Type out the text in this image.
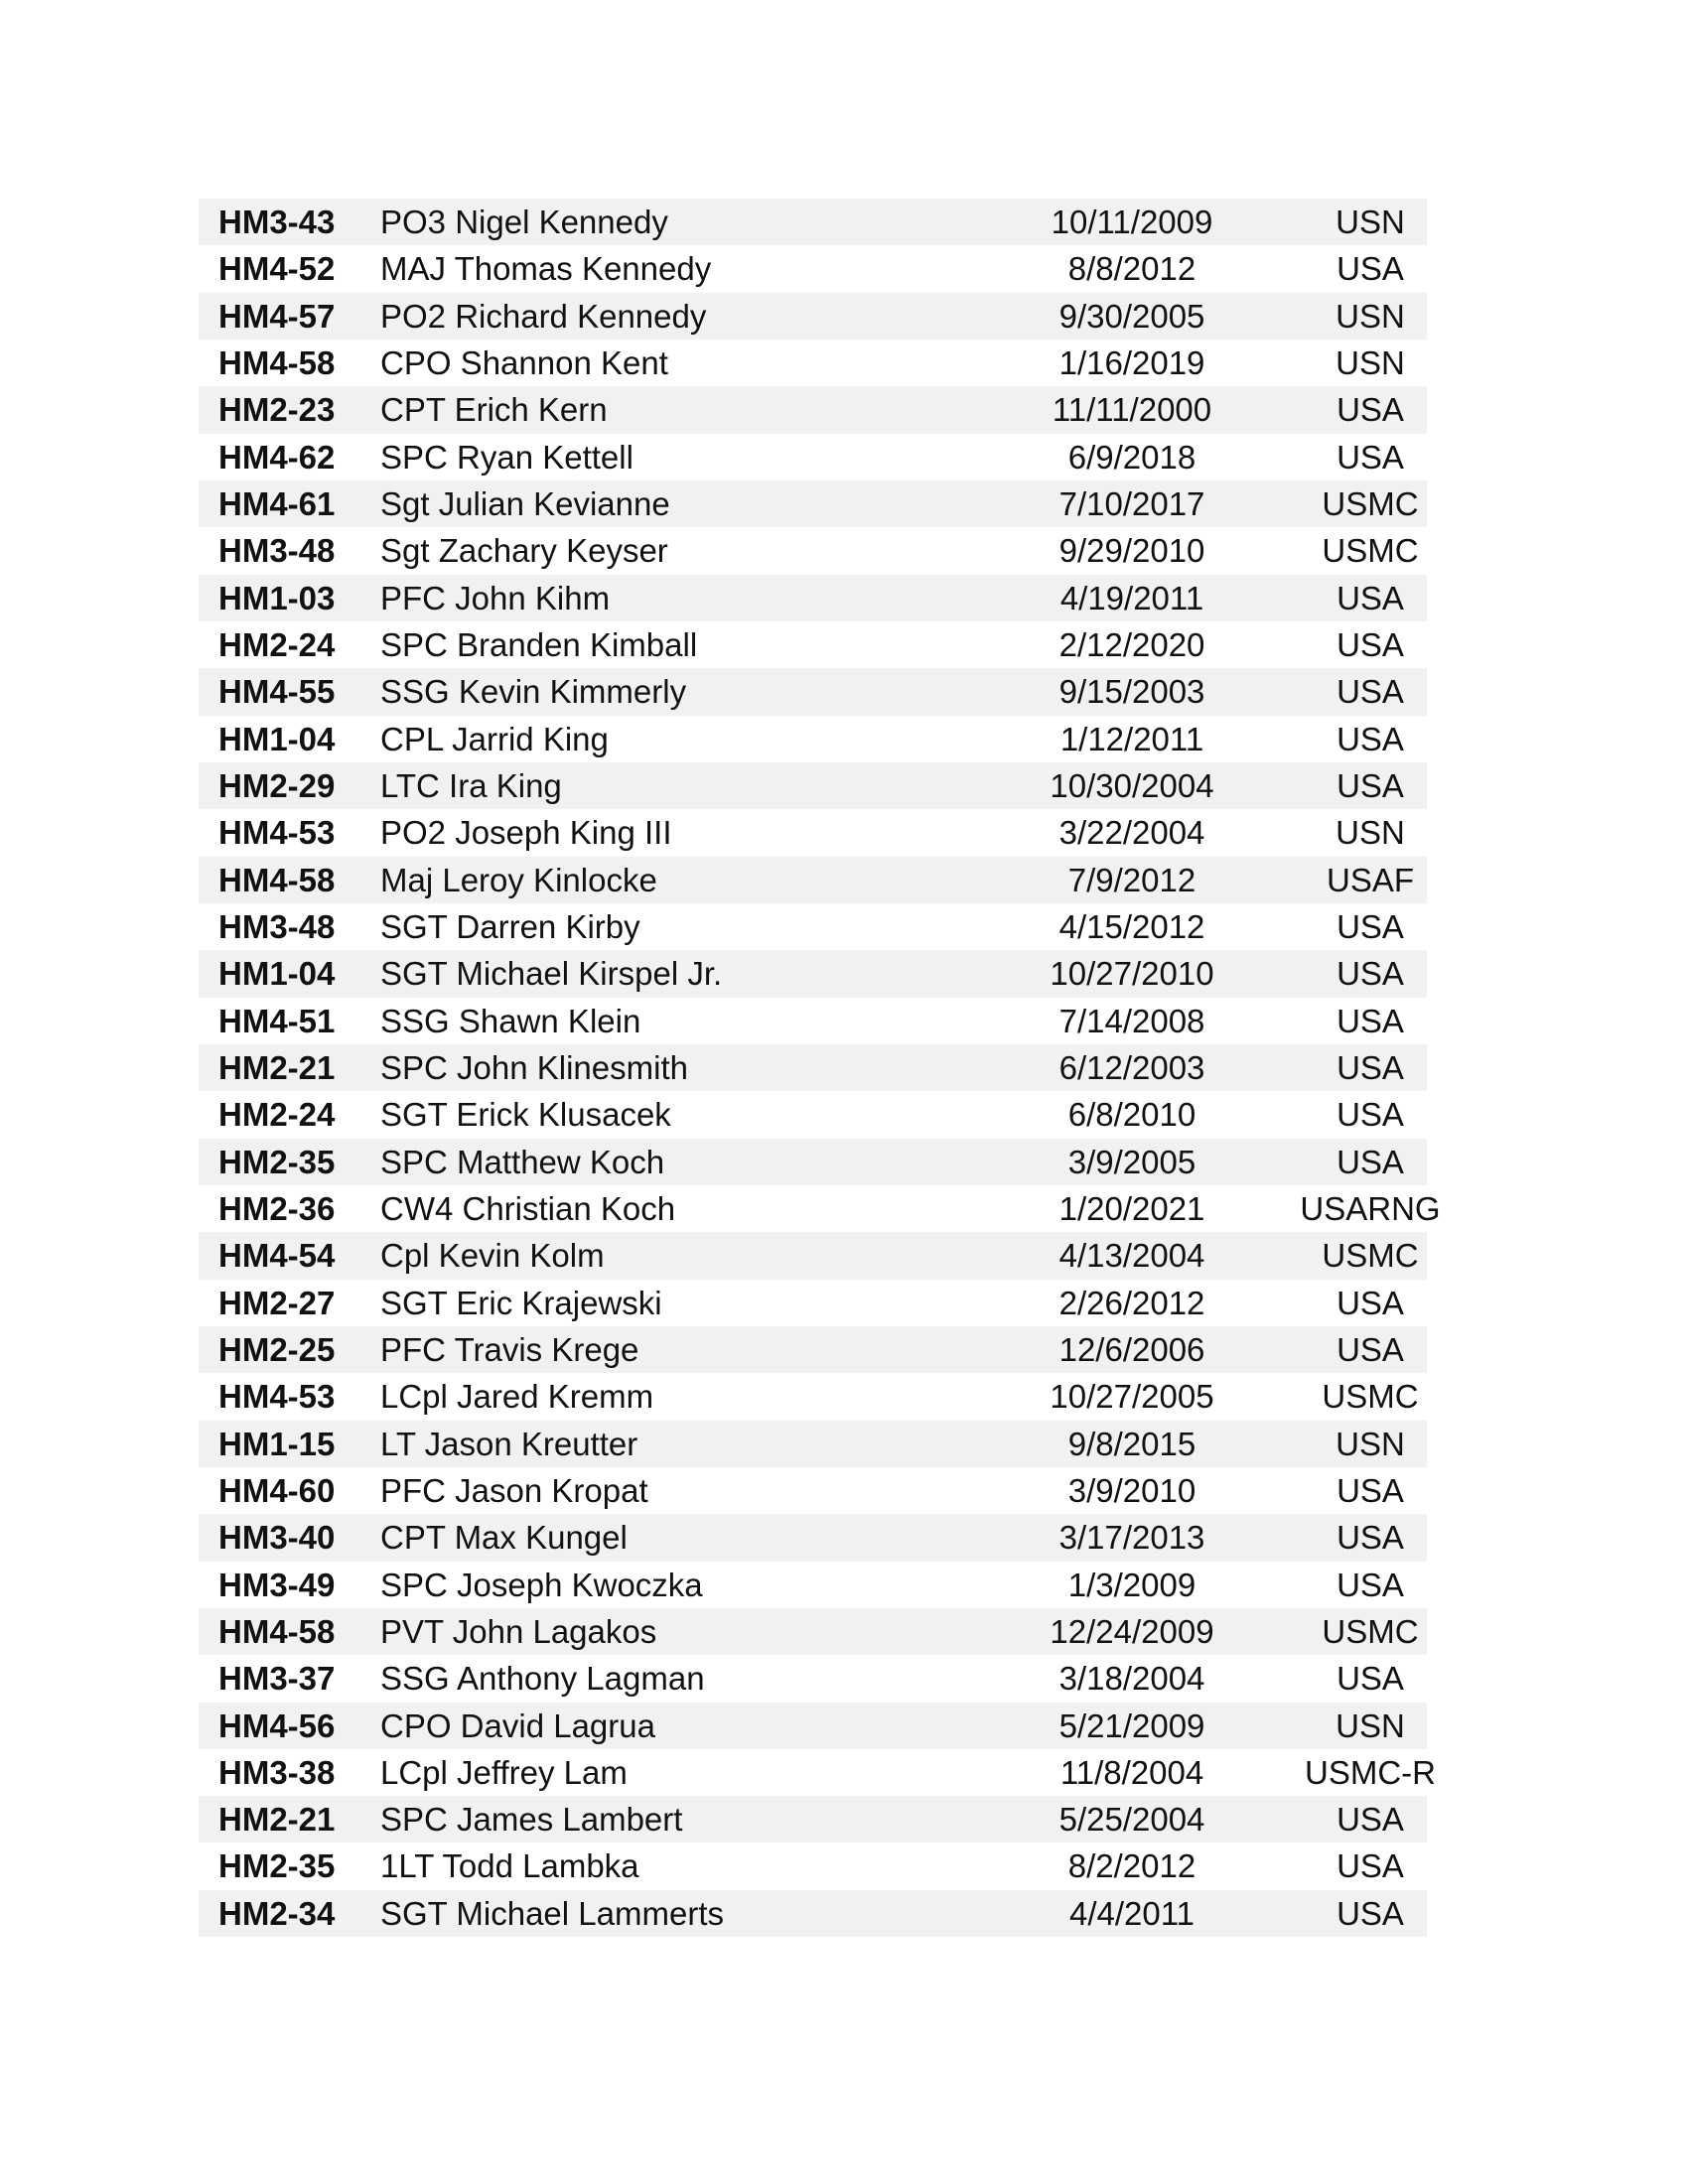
HM3-43 PO3 Nigel Kennedy	10/11/2009	USN
HM4-52 MAJ Thomas Kennedy	8/8/2012	USA
HM4-57 PO2 Richard Kennedy	9/30/2005	USN
HM4-58 CPO Shannon Kent	1/16/2019	USN
HM2-23 CPT Erich Kern	11/11/2000	USA
HM4-62 SPC Ryan Kettell	6/9/2018	USA
HM4-61 Sgt Julian Kevianne	7/10/2017	USMC
HM3-48 Sgt Zachary Keyser	9/29/2010	USMC
HM1-03 PFC John Kihm	4/19/2011	USA
HM2-24 SPC Branden Kimball	2/12/2020	USA
HM4-55 SSG Kevin Kimmerly	9/15/2003	USA
HM1-04 CPL Jarrid King	1/12/2011	USA
HM2-29 LTC Ira King	10/30/2004	USA
HM4-53 PO2 Joseph King III	3/22/2004	USN
HM4-58 Maj Leroy Kinlocke	7/9/2012	USAF
HM3-48 SGT Darren Kirby	4/15/2012	USA
HM1-04 SGT Michael Kirspel Jr.	10/27/2010	USA
HM4-51 SSG Shawn Klein	7/14/2008	USA
HM2-21 SPC John Klinesmith	6/12/2003	USA
HM2-24 SGT Erick Klusacek	6/8/2010	USA
HM2-35 SPC Matthew Koch	3/9/2005	USA
HM2-36 CW4 Christian Koch	1/20/2021	USARNG
HM4-54 Cpl Kevin Kolm	4/13/2004	USMC
HM2-27 SGT Eric Krajewski	2/26/2012	USA
HM2-25 PFC Travis Krege	12/6/2006	USA
HM4-53 LCpl Jared Kremm	10/27/2005	USMC
HM1-15 LT Jason Kreutter	9/8/2015	USN
HM4-60 PFC Jason Kropat	3/9/2010	USA
HM3-40 CPT Max Kungel	3/17/2013	USA
HM3-49 SPC Joseph Kwoczka	1/3/2009	USA
HM4-58 PVT John Lagakos	12/24/2009	USMC
HM3-37 SSG Anthony Lagman	3/18/2004	USA
HM4-56 CPO David Lagrua	5/21/2009	USN
HM3-38 LCpl Jeffrey Lam	11/8/2004	USMC-R
HM2-21 SPC James Lambert	5/25/2004	USA
HM2-35 1LT Todd Lambka	8/2/2012	USA
HM2-34 SGT Michael Lammerts	4/4/2011	USA
